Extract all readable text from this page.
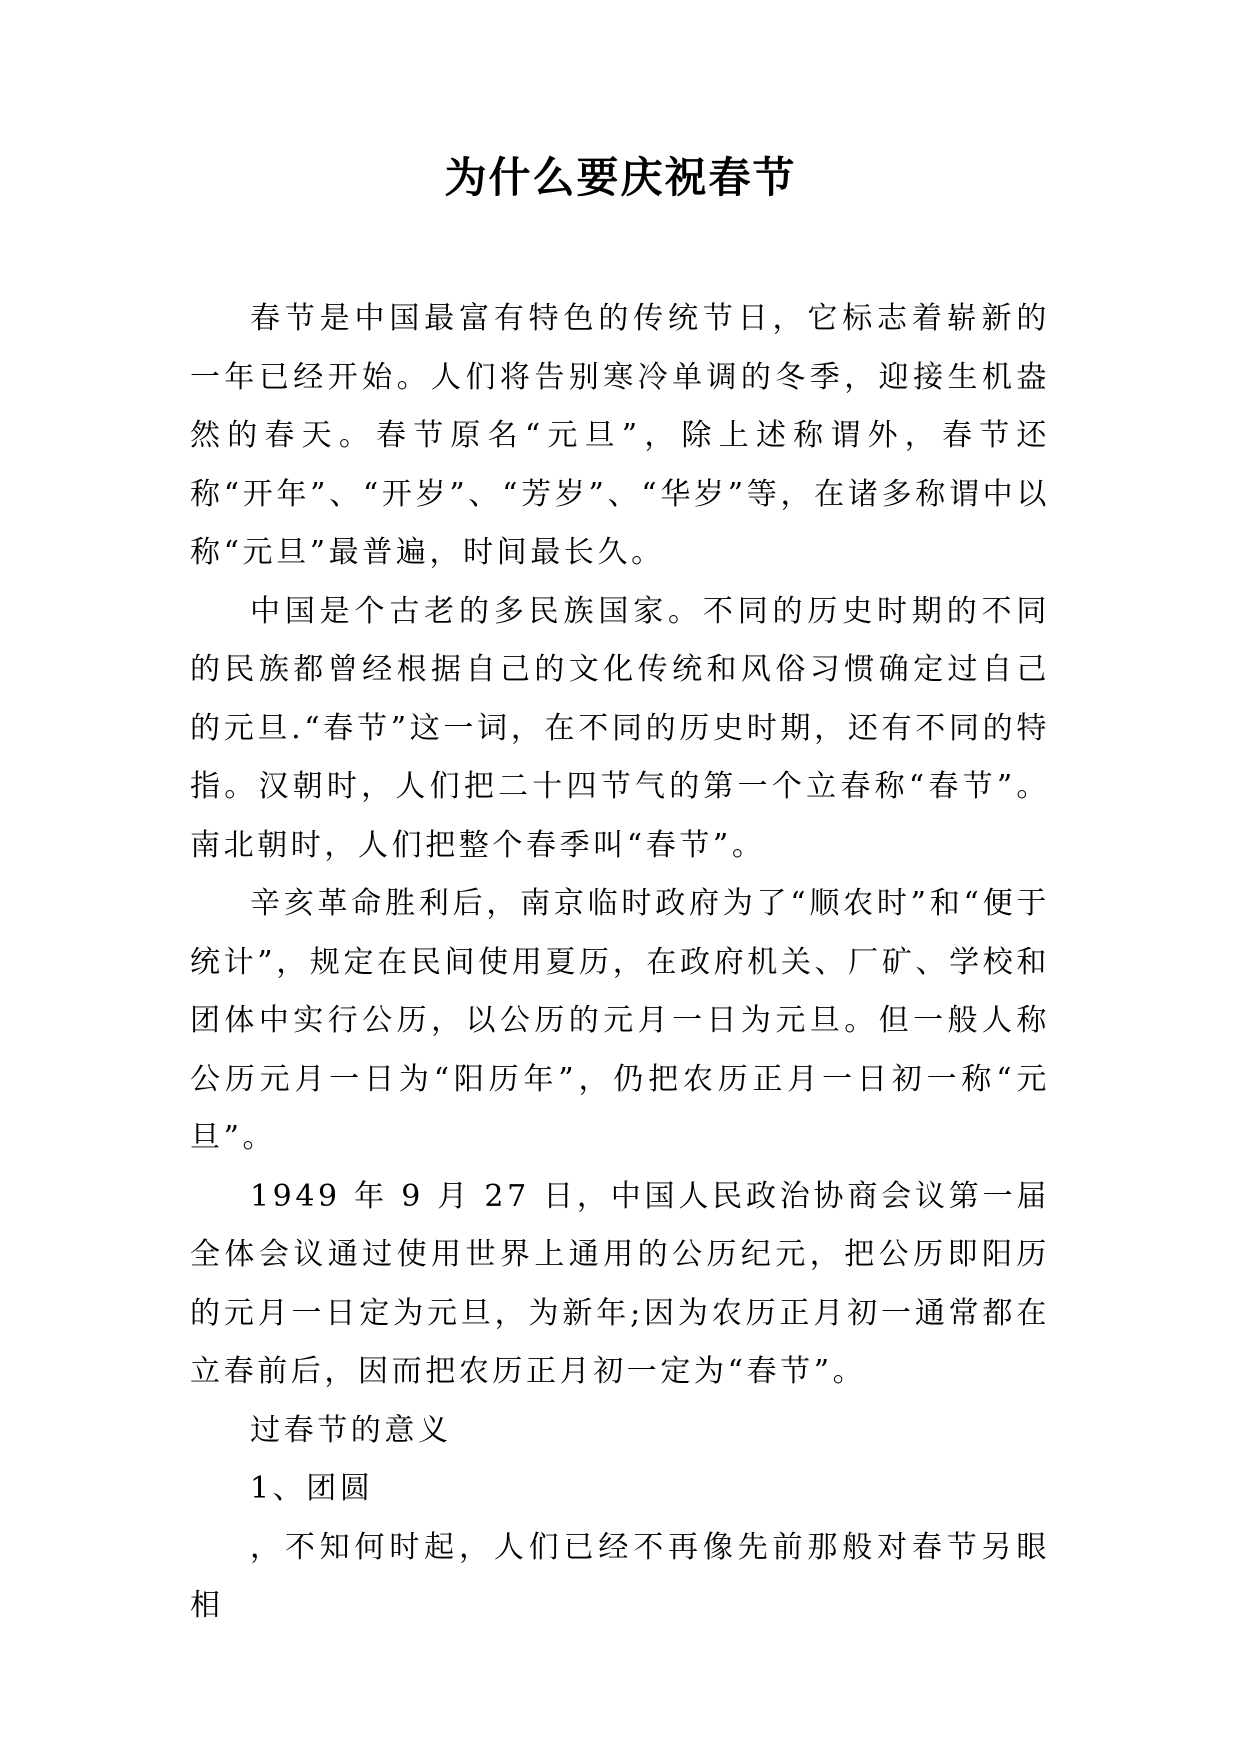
为什么要庆祝春节

春节是中国最富有特色的传统节日，它标志着崭新的一年已经开始。人们将告别寒冷单调的冬季，迎接生机盎然的春天。春节原名“元旦”，除上述称谓外，春节还称“开年”、“开岁”、“芳岁”、“华岁”等，在诸多称谓中以称“元旦”最普遍，时间最长久。

中国是个古老的多民族国家。不同的历史时期的不同的民族都曾经根据自己的文化传统和风俗习惯确定过自己的元旦.“春节”这一词，在不同的历史时期，还有不同的特指。汉朝时，人们把二十四节气的第一个立春称“春节”。南北朝时，人们把整个春季叫“春节”。

辛亥革命胜利后，南京临时政府为了“顺农时”和“便于统计”，规定在民间使用夏历，在政府机关、厂矿、学校和团体中实行公历，以公历的元月一日为元旦。但一般人称公历元月一日为“阳历年”，仍把农历正月一日初一称“元旦”。

1949 年 9 月 27 日，中国人民政治协商会议第一届全体会议通过使用世界上通用的公历纪元，把公历即阳历的元月一日定为元旦，为新年;因为农历正月初一通常都在立春前后，因而把农历正月初一定为“春节”。

过春节的意义

1、团圆

，不知何时起，人们已经不再像先前那般对春节另眼相
